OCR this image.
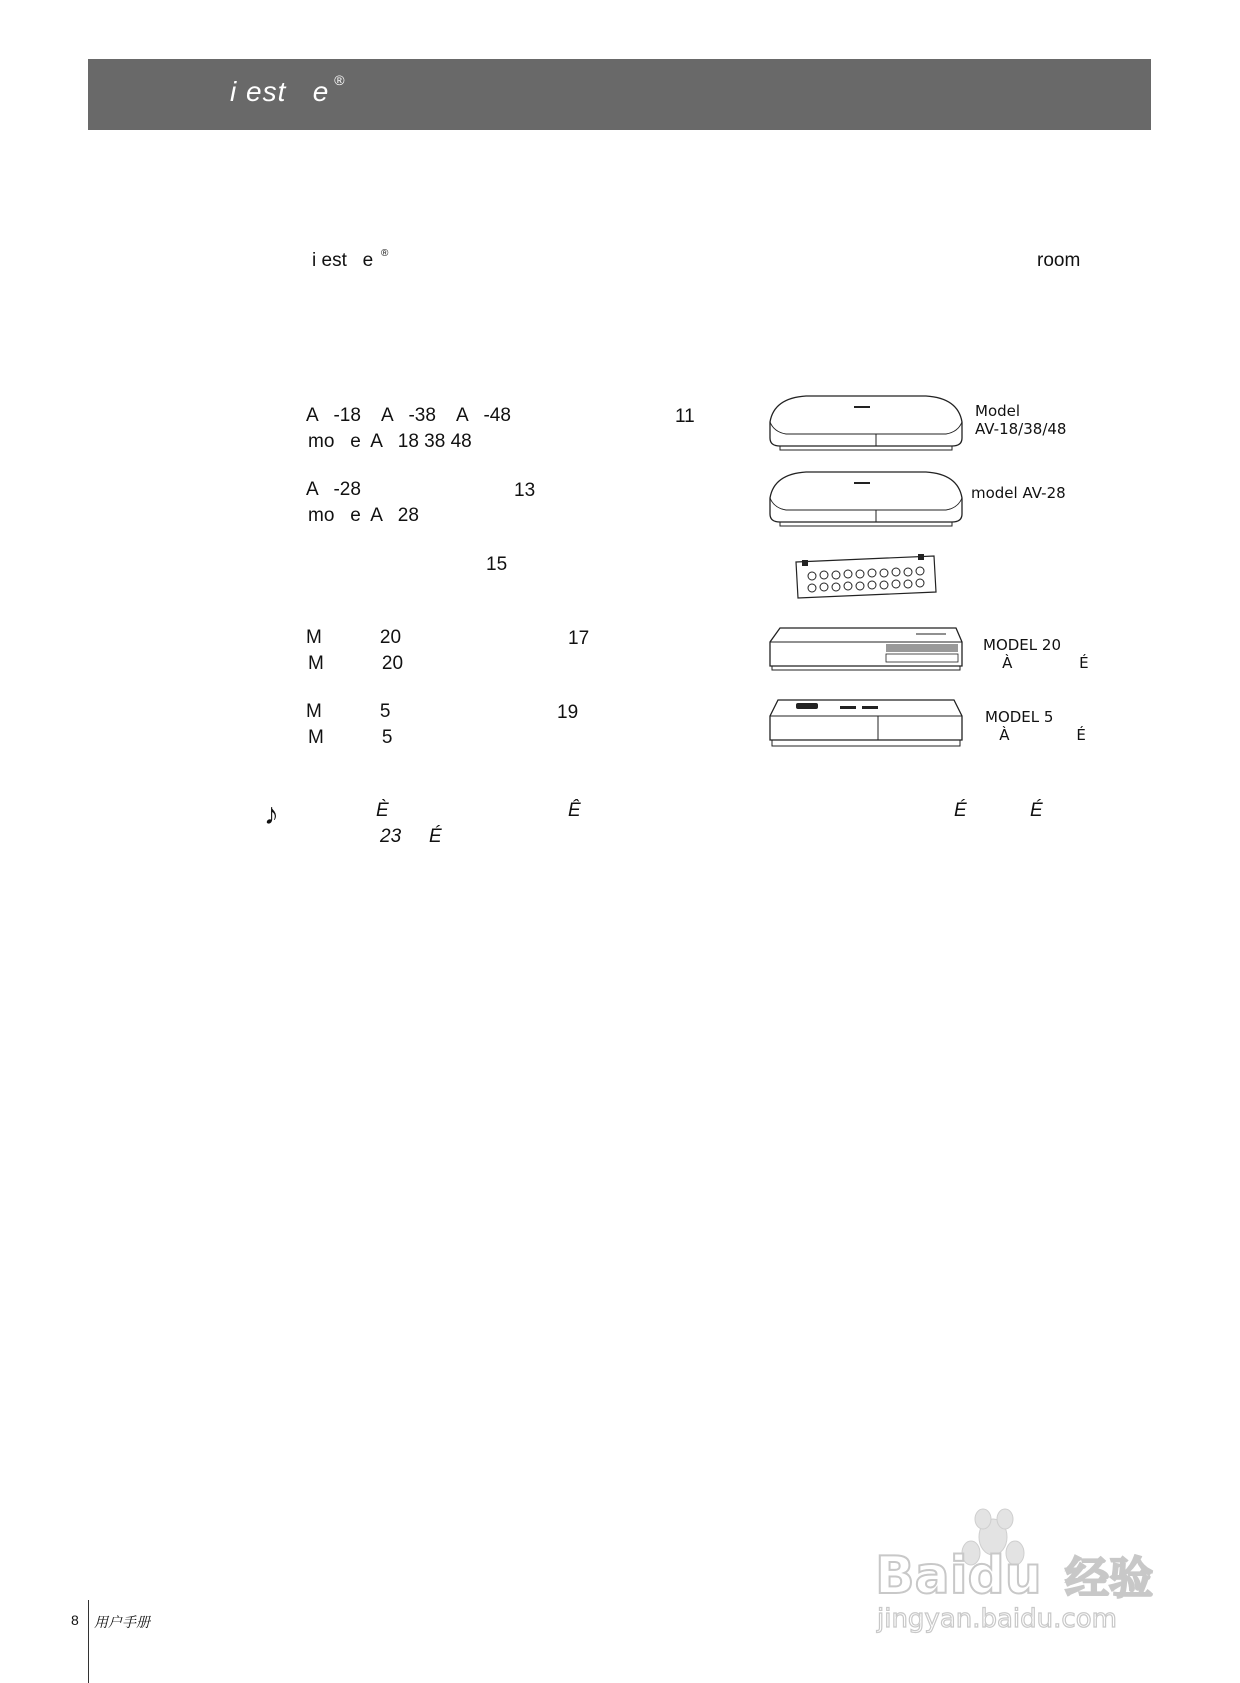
i est   e ®
i est   e ®	room
A   -18    A   -38    A   -48
mo   e  A   18 38 48
11
A   -28
mo   e  A   28
13
15
M           20
M           20
17
M           5
M           5
19
Model
AV-18/38/48
model AV-28
MODEL 20
À              É
MODEL 5
À              É
♪	È	Ê	É	É
23 É
Baidu 经验
jingyan.baidu.com
8 用户手册
